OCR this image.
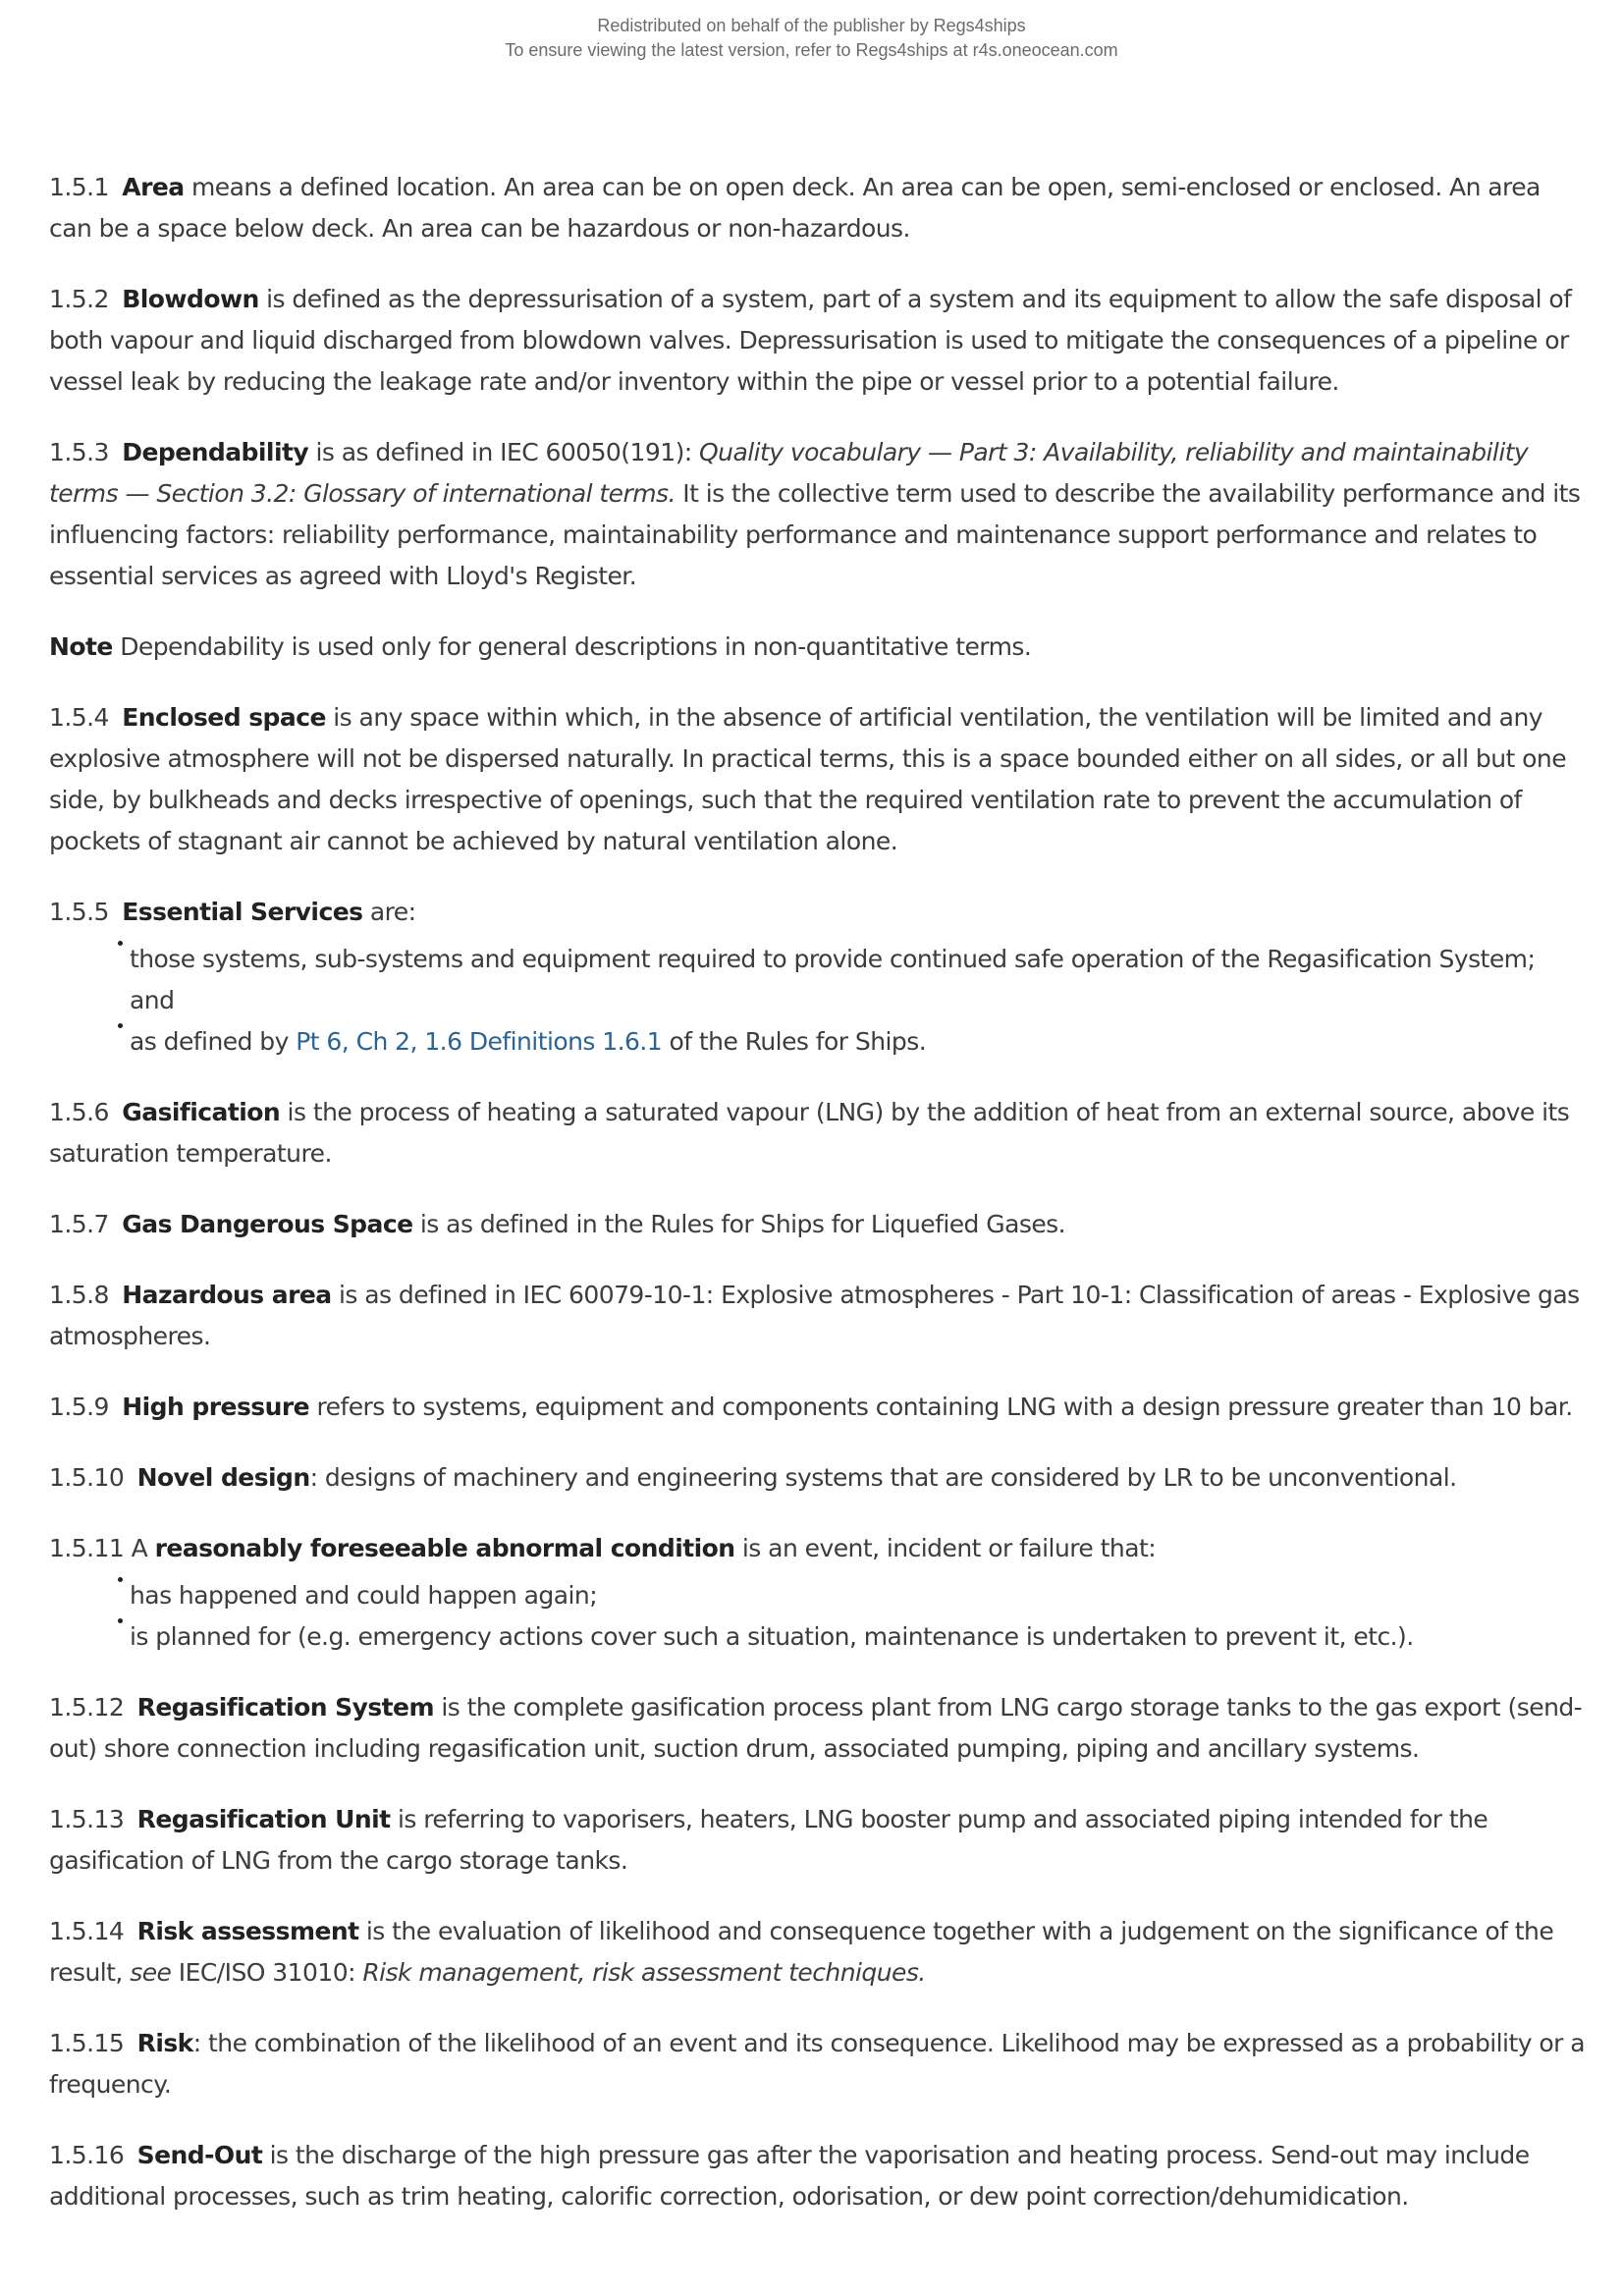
Redistributed on behalf of the publisher by Regs4ships
To ensure viewing the latest version, refer to Regs4ships at r4s.oneocean.com

1.5.1 Area means a defined location. An area can be on open deck. An area can be open, semi-enclosed or enclosed. An area can be a space below deck. An area can be hazardous or non-hazardous.

1.5.2 Blowdown is defined as the depressurisation of a system, part of a system and its equipment to allow the safe disposal of both vapour and liquid discharged from blowdown valves. Depressurisation is used to mitigate the consequences of a pipeline or vessel leak by reducing the leakage rate and/or inventory within the pipe or vessel prior to a potential failure.

1.5.3 Dependability is as defined in IEC 60050(191): Quality vocabulary — Part 3: Availability, reliability and maintainability terms — Section 3.2: Glossary of international terms. It is the collective term used to describe the availability performance and its influencing factors: reliability performance, maintainability performance and maintenance support performance and relates to essential services as agreed with Lloyd's Register.

Note Dependability is used only for general descriptions in non-quantitative terms.

1.5.4 Enclosed space is any space within which, in the absence of artificial ventilation, the ventilation will be limited and any explosive atmosphere will not be dispersed naturally. In practical terms, this is a space bounded either on all sides, or all but one side, by bulkheads and decks irrespective of openings, such that the required ventilation rate to prevent the accumulation of pockets of stagnant air cannot be achieved by natural ventilation alone.

1.5.5 Essential Services are:

those systems, sub-systems and equipment required to provide continued safe operation of the Regasification System; and
as defined by Pt 6, Ch 2, 1.6 Definitions 1.6.1 of the Rules for Ships.

1.5.6 Gasification is the process of heating a saturated vapour (LNG) by the addition of heat from an external source, above its saturation temperature.

1.5.7 Gas Dangerous Space is as defined in the Rules for Ships for Liquefied Gases.

1.5.8 Hazardous area is as defined in IEC 60079-10-1: Explosive atmospheres - Part 10-1: Classification of areas - Explosive gas atmospheres.

1.5.9 High pressure refers to systems, equipment and components containing LNG with a design pressure greater than 10 bar.

1.5.10 Novel design: designs of machinery and engineering systems that are considered by LR to be unconventional.

1.5.11 A reasonably foreseeable abnormal condition is an event, incident or failure that:

has happened and could happen again;
is planned for (e.g. emergency actions cover such a situation, maintenance is undertaken to prevent it, etc.).

1.5.12 Regasification System is the complete gasification process plant from LNG cargo storage tanks to the gas export (send-out) shore connection including regasification unit, suction drum, associated pumping, piping and ancillary systems.

1.5.13 Regasification Unit is referring to vaporisers, heaters, LNG booster pump and associated piping intended for the gasification of LNG from the cargo storage tanks.

1.5.14 Risk assessment is the evaluation of likelihood and consequence together with a judgement on the significance of the result, see IEC/ISO 31010: Risk management, risk assessment techniques.

1.5.15 Risk: the combination of the likelihood of an event and its consequence. Likelihood may be expressed as a probability or a frequency.

1.5.16 Send-Out is the discharge of the high pressure gas after the vaporisation and heating process. Send-out may include additional processes, such as trim heating, calorific correction, odorisation, or dew point correction/dehumidication.
